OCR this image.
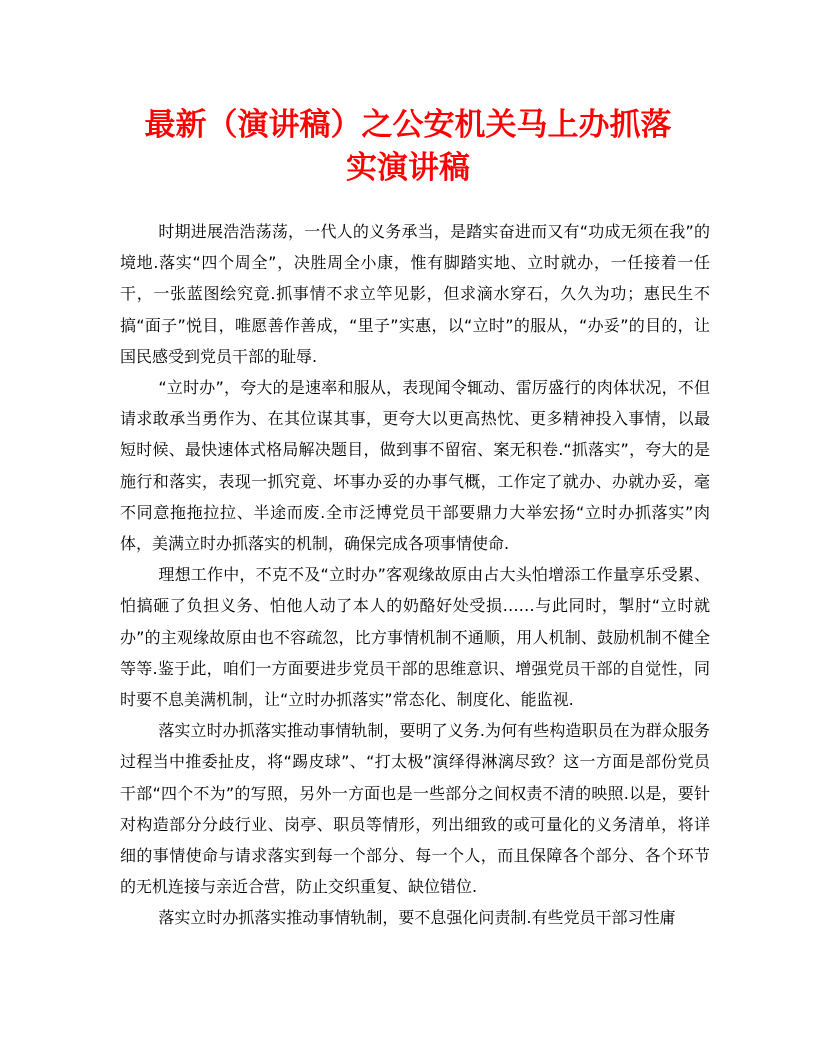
最新（演讲稿）之公安机关马上办抓落
实演讲稿

时期进展浩浩荡荡，一代人的义务承当，是踏实奋进而又有“功成无须在我”的境地.落实“四个周全”，决胜周全小康，惟有脚踏实地、立时就办，一任接着一任干，一张蓝图绘究竟.抓事情不求立竿见影，但求滴水穿石，久久为功；惠民生不搞“面子”悦目，唯愿善作善成，“里子”实惠，以“立时”的服从，“办妥”的目的，让国民感受到党员干部的耻辱.

“立时办”，夸大的是速率和服从，表现闻令辄动、雷厉盛行的肉体状况，不但请求敢承当勇作为、在其位谋其事，更夸大以更高热忱、更多精神投入事情，以最短时候、最快速体式格局解决题目，做到事不留宿、案无积卷.“抓落实”，夸大的是施行和落实，表现一抓究竟、坏事办妥的办事气概，工作定了就办、办就办妥，毫不同意拖拖拉拉、半途而废.全市泛博党员干部要鼎力大举宏扬“立时办抓落实”肉体，美满立时办抓落实的机制，确保完成各项事情使命.

理想工作中，不克不及“立时办”客观缘故原由占大头怕增添工作量享乐受累、怕搞砸了负担义务、怕他人动了本人的奶酪好处受损……与此同时，掣肘“立时就办”的主观缘故原由也不容疏忽，比方事情机制不通顺，用人机制、鼓励机制不健全等等.鉴于此，咱们一方面要进步党员干部的思维意识、增强党员干部的自觉性，同时要不息美满机制，让“立时办抓落实”常态化、制度化、能监视.

落实立时办抓落实推动事情轨制，要明了义务.为何有些构造职员在为群众服务过程当中推委扯皮，将“踢皮球”、“打太极”演绎得淋漓尽致？这一方面是部份党员干部“四个不为”的写照，另外一方面也是一些部分之间权责不清的映照.以是，要针对构造部分分歧行业、岗亭、职员等情形，列出细致的或可量化的义务清单，将详细的事情使命与请求落实到每一个部分、每一个人，而且保障各个部分、各个环节的无机连接与亲近合营，防止交织重复、缺位错位.

落实立时办抓落实推动事情轨制，要不息强化问责制.有些党员干部习性庸
